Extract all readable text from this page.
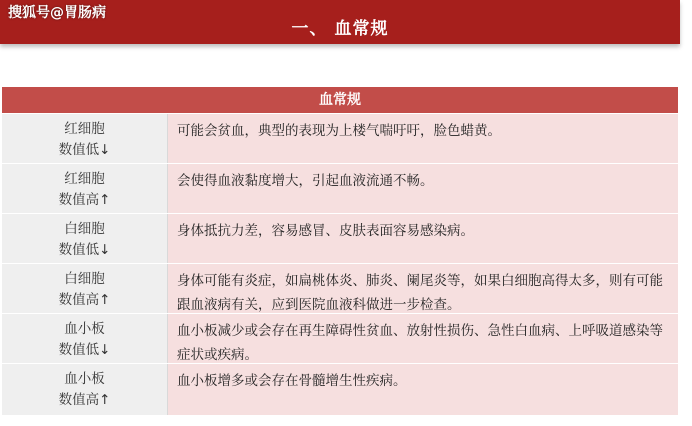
一、 血常规
搜狐号@胃肠病
血常规
红细胞
数值低↓
可能会贫血，典型的表现为上楼气喘吁吁，脸色蜡黄。
红细胞
数值高↑
会使得血液黏度增大，引起血液流通不畅。
白细胞
数值低↓
身体抵抗力差，容易感冒、皮肤表面容易感染病。
白细胞
数值高↑
身体可能有炎症，如扁桃体炎、肺炎、阑尾炎等，如果白细胞高得太多，则有可能跟血液病有关，应到医院血液科做进一步检查。
血小板
数值低↓
血小板减少或会存在再生障碍性贫血、放射性损伤、急性白血病、上呼吸道感染等症状或疾病。
血小板
数值高↑
血小板增多或会存在骨髓增生性疾病。
